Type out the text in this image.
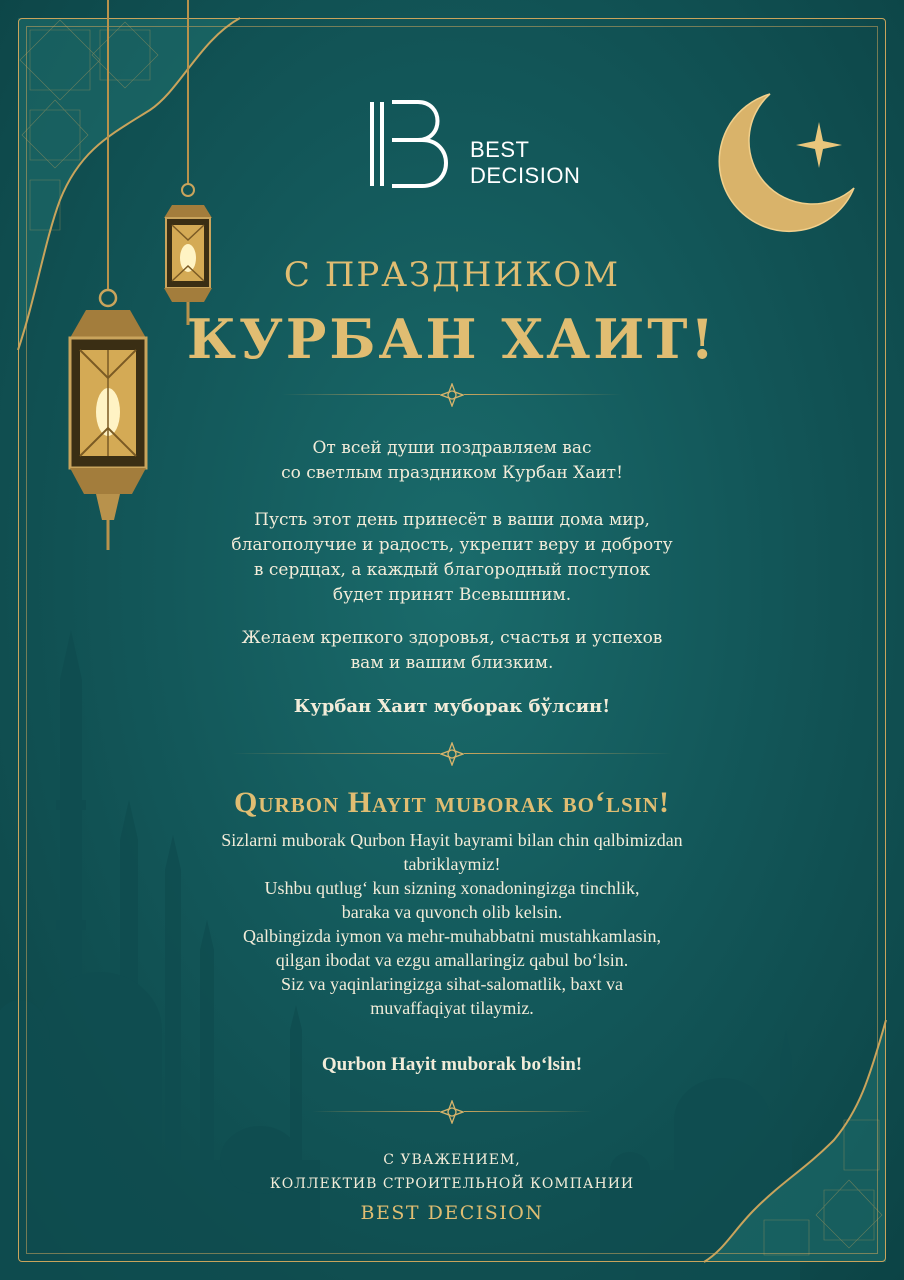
BEST
DECISION
С ПРАЗДНИКОМ
КУРБАН ХАИТ!
От всей души поздравляем вас
со светлым праздником Курбан Хаит!
Пусть этот день принесёт в ваши дома мир,
благополучие и радость, укрепит веру и доброту
в сердцах, а каждый благородный поступок
будет принят Всевышним.
Желаем крепкого здоровья, счастья и успехов
вам и вашим близким.
Курбан Хаит муборак бўлсин!
Qurbon Hayit muborak bo‘lsin!
Sizlarni muborak Qurbon Hayit bayrami bilan chin qalbimizdan
tabriklaymiz!
Ushbu qutlug‘ kun sizning xonadoningizga tinchlik,
baraka va quvonch olib kelsin.
Qalbingizda iymon va mehr-muhabbatni mustahkamlasin,
qilgan ibodat va ezgu amallaringiz qabul bo‘lsin.
Siz va yaqinlaringizga sihat-salomatlik, baxt va
muvaffaqiyat tilaymiz.
Qurbon Hayit muborak bo‘lsin!
С УВАЖЕНИЕМ,
КОЛЛЕКТИВ СТРОИТЕЛЬНОЙ КОМПАНИИ
BEST DECISION
